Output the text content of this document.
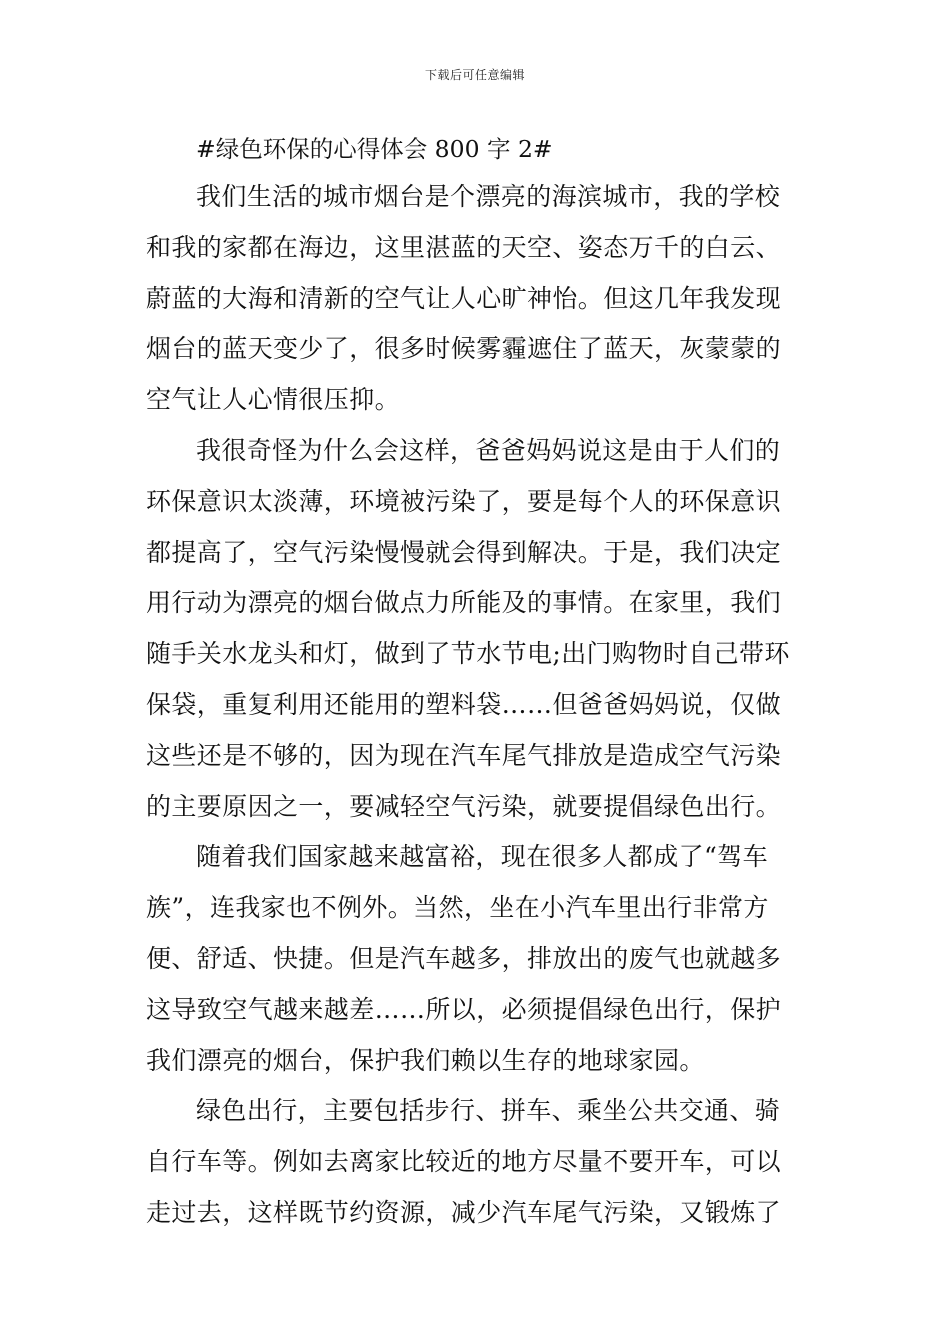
下载后可任意编辑
#绿色环保的心得体会 800 字 2#
我们生活的城市烟台是个漂亮的海滨城市，我的学校
和我的家都在海边，这里湛蓝的天空、姿态万千的白云、
蔚蓝的大海和清新的空气让人心旷神怡。但这几年我发现
烟台的蓝天变少了，很多时候雾霾遮住了蓝天，灰蒙蒙的
空气让人心情很压抑。
我很奇怪为什么会这样，爸爸妈妈说这是由于人们的
环保意识太淡薄，环境被污染了，要是每个人的环保意识
都提高了，空气污染慢慢就会得到解决。于是，我们决定
用行动为漂亮的烟台做点力所能及的事情。在家里，我们
随手关水龙头和灯，做到了节水节电;出门购物时自己带环
保袋，重复利用还能用的塑料袋……但爸爸妈妈说，仅做
这些还是不够的，因为现在汽车尾气排放是造成空气污染
的主要原因之一，要减轻空气污染，就要提倡绿色出行。
随着我们国家越来越富裕，现在很多人都成了“驾车
族”，连我家也不例外。当然，坐在小汽车里出行非常方
便、舒适、快捷。但是汽车越多，排放出的废气也就越多
这导致空气越来越差……所以，必须提倡绿色出行，保护
我们漂亮的烟台，保护我们赖以生存的地球家园。
绿色出行，主要包括步行、拼车、乘坐公共交通、骑
自行车等。例如去离家比较近的地方尽量不要开车，可以
走过去，这样既节约资源，减少汽车尾气污染，又锻炼了
